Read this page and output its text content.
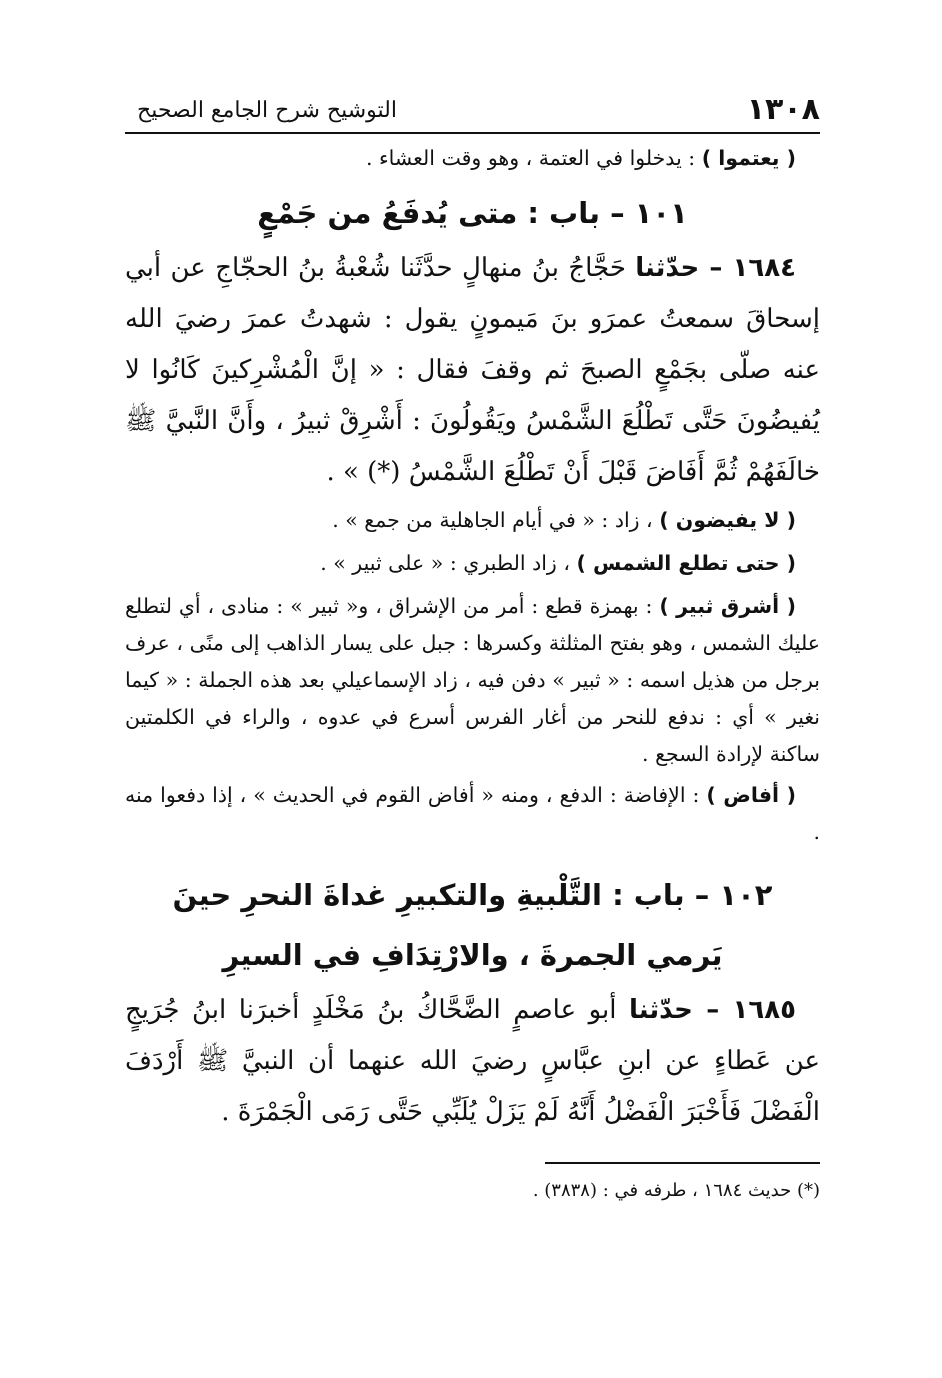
١٣٠٨
التوشيح شرح الجامع الصحيح

( يعتموا ) : يدخلوا في العتمة ، وهو وقت العشاء .

١٠١ – باب : متى يُدفَعُ من جَمْعٍ

١٦٨٤ – حدّثنا حَجَّاجُ بنُ منهالٍ حدَّثَنا شُعْبةُ بنُ الحجّاجِ عن أبي إسحاقَ سمعتُ عمرَو بنَ مَيمونٍ يقول : شهدتُ عمرَ رضيَ الله عنه صلّى بجَمْعٍ الصبحَ ثم وقفَ فقال : « إنَّ الْمُشْرِكينَ كَانُوا لا يُفيضُونَ حَتَّى تَطْلُعَ الشَّمْسُ ويَقُولُونَ : أَشْرِقْ ثبيرُ ، وأَنَّ النَّبيَّ ﷺ خالَفَهُمْ ثُمَّ أَفَاضَ قَبْلَ أَنْ تَطْلُعَ الشَّمْسُ (*) » .

( لا يفيضون ) ، زاد : « في أيام الجاهلية من جمع » .

( حتى تطلع الشمس ) ، زاد الطبري : « على ثبير » .

( أشرق ثبير ) : بهمزة قطع : أمر من الإشراق ، و« ثبير » : منادى ، أي لتطلع عليك الشمس ، وهو بفتح المثلثة وكسرها : جبل على يسار الذاهب إلى منًى ، عرف برجل من هذيل اسمه : « ثبير » دفن فيه ، زاد الإسماعيلي بعد هذه الجملة : « كيما نغير » أي : ندفع للنحر من أغار الفرس أسرع في عدوه ، والراء في الكلمتين ساكنة لإرادة السجع .

( أفاض ) : الإفاضة : الدفع ، ومنه « أفاض القوم في الحديث » ، إذا دفعوا منه .

١٠٢ – باب : التَّلْبيةِ والتكبيرِ غداةَ النحرِ حينَ
يَرمي الجمرةَ ، والارْتِدَافِ في السيرِ

١٦٨٥ – حدّثنا أبو عاصمٍ الضَّحَّاكُ بنُ مَخْلَدٍ أخبرَنا ابنُ جُرَيجٍ عن عَطاءٍ عن ابنِ عبَّاسٍ رضيَ الله عنهما أن النبيَّ ﷺ أَرْدَفَ الْفَضْلَ فَأَخْبَرَ الْفَضْلُ أَنَّهُ لَمْ يَزَلْ يُلَبِّي حَتَّى رَمَى الْجَمْرَةَ .

(*) حديث ١٦٨٤ ، طرفه في : (٣٨٣٨) .
